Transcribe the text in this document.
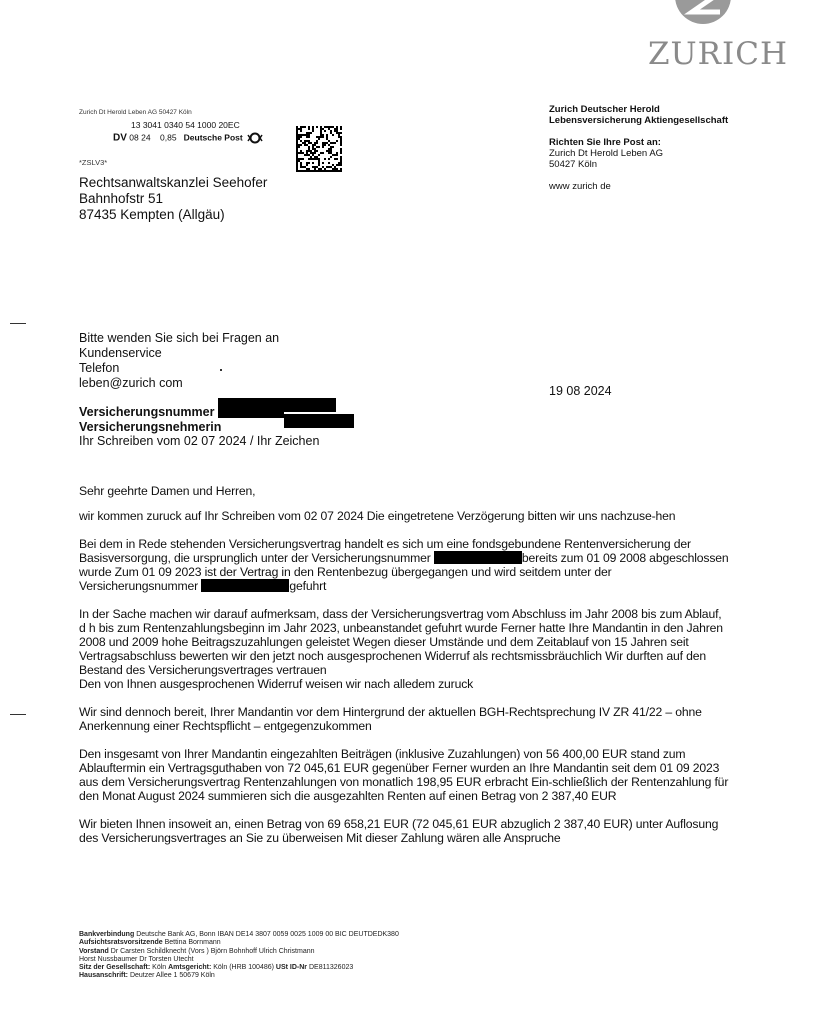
ZURICH
Zurich Dt Herold Leben AG 50427 Köln
13 3041 0340 54 1000 20EC
DV 08 24 0,85 Deutsche Post
*ZSLV3*
Rechtsanwaltskanzlei Seehofer
Bahnhofstr 51
87435 Kempten (Allgäu)
Zurich Deutscher Herold
Lebensversicherung Aktiengesellschaft
Richten Sie Ihre Post an:
Zurich Dt Herold Leben AG
50427 Köln
www zurich de
Bitte wenden Sie sich bei Fragen an
Kundenservice
Telefon
leben@zurich com
19 08 2024
Versicherungsnummer
Versicherungsnehmerin
Ihr Schreiben vom 02 07 2024 / Ihr Zeichen

Sehr geehrte Damen und Herren,

wir kommen zuruck auf Ihr Schreiben vom 02 07 2024 Die eingetretene Verzögerung bitten wir uns nachzuse-hen

Bei dem in Rede stehenden Versicherungsvertrag handelt es sich um eine fondsgebundene Rentenversicherung der Basisversorgung, die ursprunglich unter der Versicherungsnummer	bereits zum 01 09 2008 abgeschlossen wurde Zum 01 09 2023 ist der Vertrag in den Rentenbezug übergegangen und wird seitdem unter der Versicherungsnummer	gefuhrt

In der Sache machen wir darauf aufmerksam, dass der Versicherungsvertrag vom Abschluss im Jahr 2008 bis zum Ablauf, d h bis zum Rentenzahlungsbeginn im Jahr 2023, unbeanstandet gefuhrt wurde Ferner hatte Ihre Mandantin in den Jahren 2008 und 2009 hohe Beitragszuzahlungen geleistet Wegen dieser Umstände und dem Zeitablauf von 15 Jahren seit Vertragsabschluss bewerten wir den jetzt noch ausgesprochenen Widerruf als rechtsmissbräuchlich Wir durften auf den Bestand des Versicherungsvertrages vertrauen
Den von Ihnen ausgesprochenen Widerruf weisen wir nach alledem zuruck

Wir sind dennoch bereit, Ihrer Mandantin vor dem Hintergrund der aktuellen BGH-Rechtsprechung IV ZR 41/22 – ohne Anerkennung einer Rechtspflicht – entgegenzukommen

Den insgesamt von Ihrer Mandantin eingezahlten Beiträgen (inklusive Zuzahlungen) von 56 400,00 EUR stand zum Ablauftermin ein Vertragsguthaben von 72 045,61 EUR gegenüber Ferner wurden an Ihre Mandantin seit dem 01 09 2023 aus dem Versicherungsvertrag Rentenzahlungen von monatlich 198,95 EUR erbracht Ein-schließlich der Rentenzahlung für den Monat August 2024 summieren sich die ausgezahlten Renten auf einen Betrag von 2 387,40 EUR

Wir bieten Ihnen insoweit an, einen Betrag von 69 658,21 EUR (72 045,61 EUR abzuglich 2 387,40 EUR) unter Auflosung des Versicherungsvertrages an Sie zu überweisen Mit dieser Zahlung wären alle Anspruche

Bankverbindung Deutsche Bank AG, Bonn IBAN DE14 3807 0059 0025 1009 00 BIC DEUTDEDK380
Aufsichtsratsvorsitzende Bettina Bornmann
Vorstand Dr Carsten Schildknecht (Vors ) Björn Bohnhoff Ulrich Christmann
Horst Nussbaumer Dr Torsten Utecht
Sitz der Gesellschaft: Köln Amtsgericht: Köln (HRB 100486) USt ID-Nr DE811326023
Hausanschrift: Deutzer Allee 1 50679 Köln
